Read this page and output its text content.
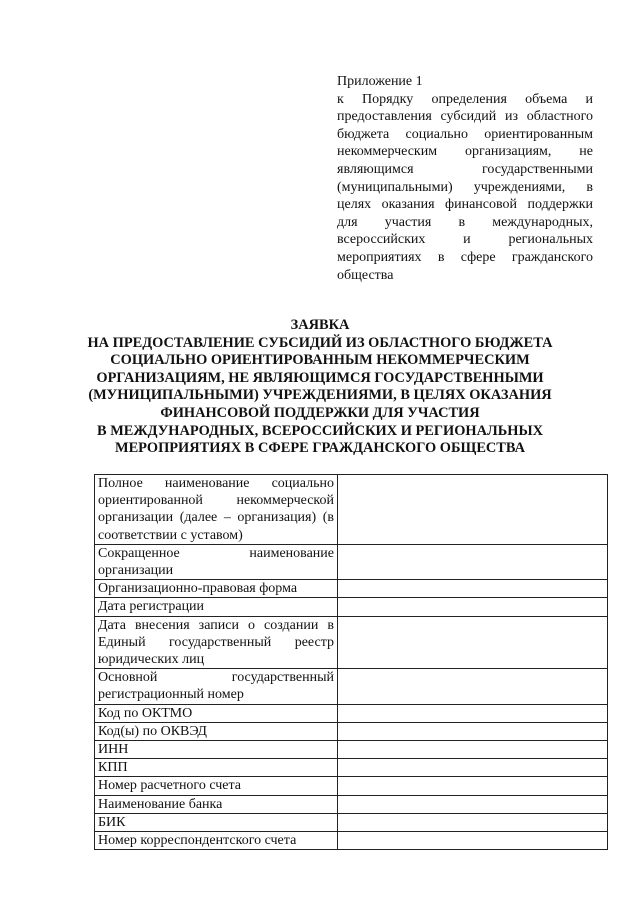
Приложение 1
к Порядку определения объема и предоставления субсидий из областного бюджета социально ориентированным некоммерческим организациям, не являющимся государственными (муниципальными) учреждениями, в целях оказания финансовой поддержки для участия в международных, всероссийских и региональных мероприятиях в сфере гражданского общества
ЗАЯВКА
НА ПРЕДОСТАВЛЕНИЕ СУБСИДИЙ ИЗ ОБЛАСТНОГО БЮДЖЕТА
СОЦИАЛЬНО ОРИЕНТИРОВАННЫМ НЕКОММЕРЧЕСКИМ
ОРГАНИЗАЦИЯМ, НЕ ЯВЛЯЮЩИМСЯ ГОСУДАРСТВЕННЫМИ
(МУНИЦИПАЛЬНЫМИ) УЧРЕЖДЕНИЯМИ, В ЦЕЛЯХ ОКАЗАНИЯ
ФИНАНСОВОЙ ПОДДЕРЖКИ ДЛЯ УЧАСТИЯ
В МЕЖДУНАРОДНЫХ, ВСЕРОССИЙСКИХ И РЕГИОНАЛЬНЫХ
МЕРОПРИЯТИЯХ В СФЕРЕ ГРАЖДАНСКОГО ОБЩЕСТВА
Полное наименование социально ориентированной некоммерческой организации (далее – организация) (в соответствии с уставом)	
Сокращенное наименование организации	
Организационно-правовая форма	
Дата регистрации	
Дата внесения записи о создании в Единый государственный реестр юридических лиц	
Основной государственный регистрационный номер	
Код по ОКТМО	
Код(ы) по ОКВЭД	
ИНН	
КПП	
Номер расчетного счета	
Наименование банка	
БИК	
Номер корреспондентского счета	
